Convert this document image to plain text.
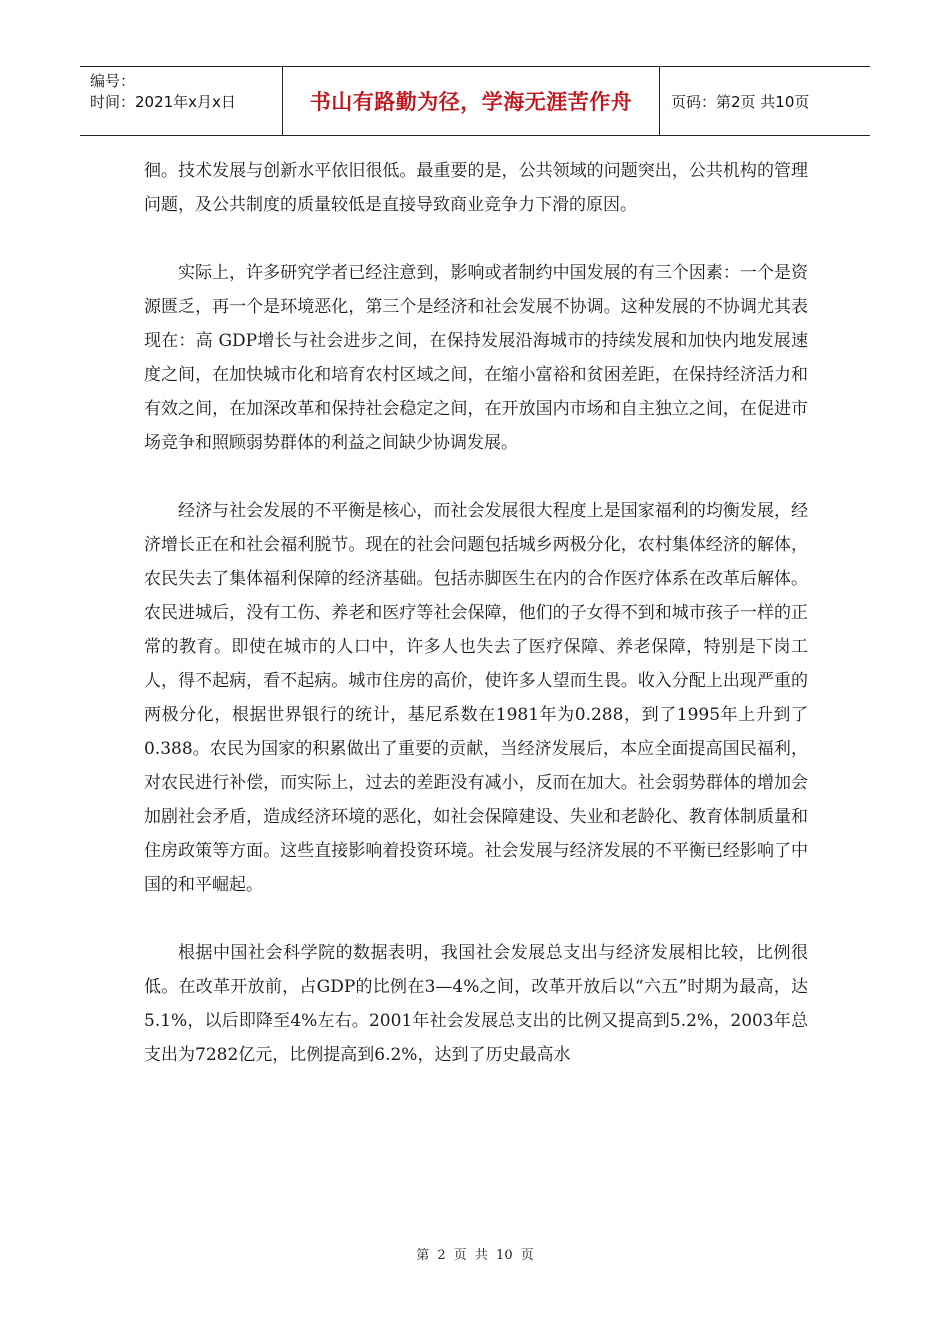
编号：
时间：2021年x月x日	书山有路勤为径，学海无涯苦作舟	页码：第2页 共10页

徊。技术发展与创新水平依旧很低。最重要的是，公共领域的问题突出，公共机构的管理问题，及公共制度的质量较低是直接导致商业竞争力下滑的原因。

实际上，许多研究学者已经注意到，影响或者制约中国发展的有三个因素：一个是资源匮乏，再一个是环境恶化，第三个是经济和社会发展不协调。这种发展的不协调尤其表现在：高 GDP增长与社会进步之间，在保持发展沿海城市的持续发展和加快内地发展速度之间，在加快城市化和培育农村区域之间，在缩小富裕和贫困差距，在保持经济活力和有效之间，在加深改革和保持社会稳定之间，在开放国内市场和自主独立之间，在促进市场竞争和照顾弱势群体的利益之间缺少协调发展。

经济与社会发展的不平衡是核心，而社会发展很大程度上是国家福利的均衡发展，经济增长正在和社会福利脱节。现在的社会问题包括城乡两极分化，农村集体经济的解体，农民失去了集体福利保障的经济基础。包括赤脚医生在内的合作医疗体系在改革后解体。农民进城后，没有工伤、养老和医疗等社会保障，他们的子女得不到和城市孩子一样的正常的教育。即使在城市的人口中，许多人也失去了医疗保障、养老保障，特别是下岗工人，得不起病，看不起病。城市住房的高价，使许多人望而生畏。收入分配上出现严重的两极分化，根据世界银行的统计，基尼系数在1981年为0.288，到了1995年上升到了0.388。农民为国家的积累做出了重要的贡献，当经济发展后，本应全面提高国民福利，对农民进行补偿，而实际上，过去的差距没有减小，反而在加大。社会弱势群体的增加会加剧社会矛盾，造成经济环境的恶化，如社会保障建设、失业和老龄化、教育体制质量和住房政策等方面。这些直接影响着投资环境。社会发展与经济发展的不平衡已经影响了中国的和平崛起。

根据中国社会科学院的数据表明，我国社会发展总支出与经济发展相比较，比例很低。在改革开放前，占GDP的比例在3—4%之间，改革开放后以“六五”时期为最高，达5.1%，以后即降至4%左右。2001年社会发展总支出的比例又提高到5.2%，2003年总支出为7282亿元，比例提高到6.2%，达到了历史最高水

第 2 页 共 10 页
